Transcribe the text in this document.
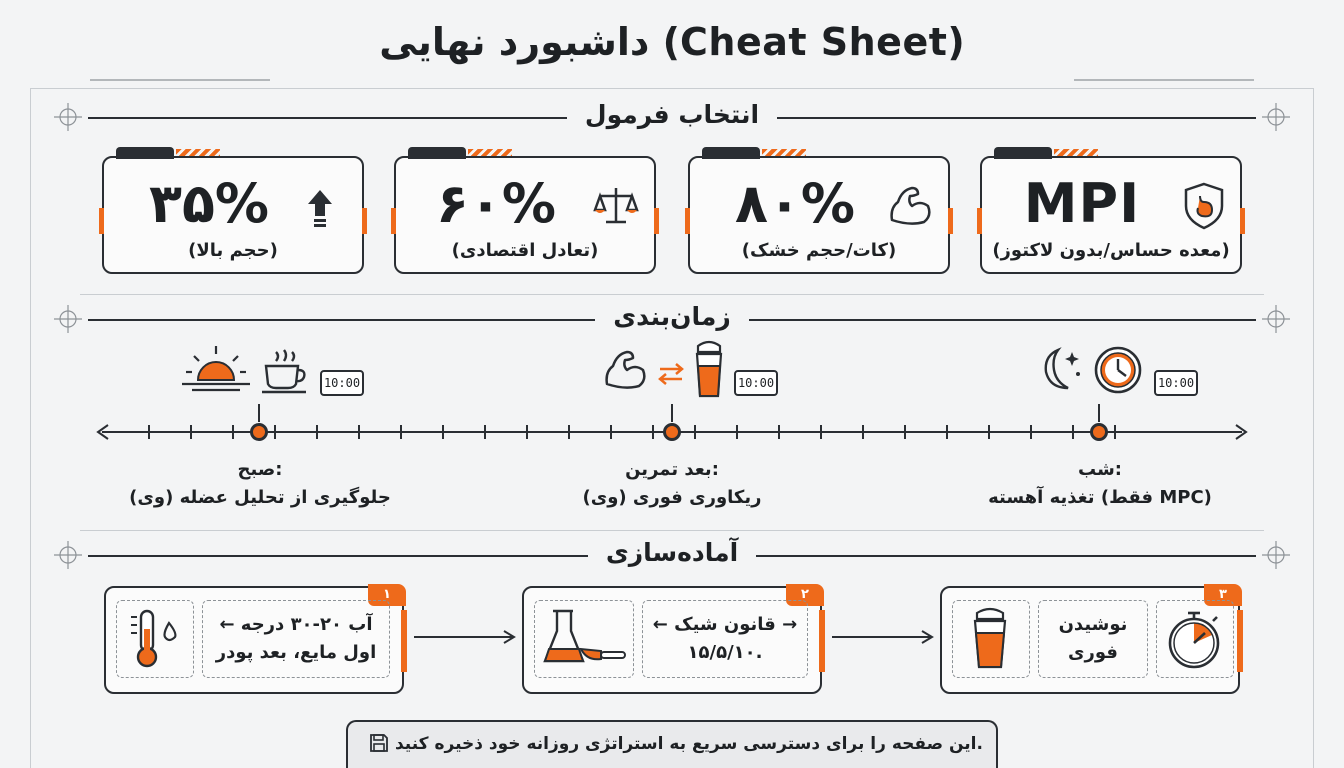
داشبورد نهایی (Cheat Sheet)
انتخاب فرمول
۳۵%
(حجم بالا)
۶۰%
(تعادل اقتصادی)
۸۰%
(کات/حجم خشک)
MPI
(معده حساس/بدون لاکتوز)
زمان‌بندی
10:00
صبح:
جلوگیری از تحلیل عضله (وی)
10:00
بعد تمرین:
ریکاوری فوری (وی)
10:00
شب:
تغذیه آهسته (فقط MPC)
آماده‌سازی
۱
← آب ۲۰-۳۰ درجه
اول مایع، بعد پودر
۲
← قانون شیک →
۱۵/۵/۱۰.
۳
نوشیدن فوری
این صفحه را برای دسترسی سریع به استراتژی روزانه خود ذخیره کنید.
